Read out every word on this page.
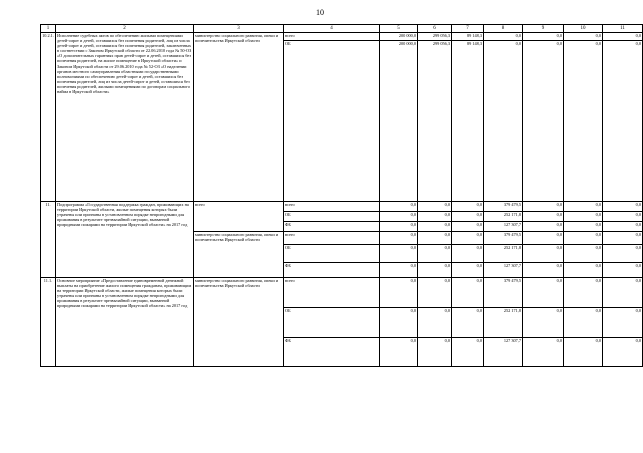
10
1	2	3	4	5	6	7	8	9	10	11
10.2.1.	Исполнение судебных актов по обеспечению жилыми помещениями детей-сирот и детей, оставшихся без попечения родителей, лиц из числа детей-сирот и детей, оставшихся без попечения родителей, заключенных в соответствии с Законом Иркутской области от 22.06.2010 года № 50-ОЗ «О дополнительных гарантиях прав детей-сирот и детей, оставшихся без попечения родителей, на жилое помещение в Иркутской области» и Законом Иркутской области от 29.06.2010 года № 52-ОЗ «О наделении органов местного самоуправления областными государственными полномочиями по обеспечению детей-сирот и детей, оставшихся без попечения родителей, лиц из числа детей-сирот и детей, оставшихся без попечения родителей, жилыми помещениями по договорам социального найма в Иркутской области»	министерство социального развития, опеки и попечительства Иркутской области	всего	200 000,0	299 056,3	89 148,3	0,0	0,0	0,0	0,0
			ОБ	200 000,0	299 056,3	89 148,3	0,0	0,0	0,0	0,0
11.	Подпрограмма «Государственная поддержка граждан, проживающих на территории Иркутской области, жилые помещения которых были утрачены или признаны в установленном порядке непригодными для проживания в результате чрезвычайной ситуации, вызванной природными пожарами на территории Иркутской области» на 2017 год	всего	всего	0,0	0,0	0,0	379 479,5	0,0	0,0	0,0
			ОБ	0,0	0,0	0,0	252 171,8	0,0	0,0	0,0
			ФБ	0,0	0,0	0,0	127 307,7	0,0	0,0	0,0
		министерство социального развития, опеки и попечительства Иркутской области	всего	0,0	0,0	0,0	379 479,5	0,0	0,0	0,0
			ОБ	0,0	0,0	0,0	252 171,8	0,0	0,0	0,0
			ФБ	0,0	0,0	0,0	127 307,7	0,0	0,0	0,0
11.1.	Основное мероприятие «Предоставление единовременной денежной выплаты на приобретение жилого помещения гражданам, проживающим на территории Иркутской области, жилые помещения которых были утрачены или признаны в установленном порядке непригодными для проживания в результате чрезвычайной ситуации, вызванной природными пожарами на территории Иркутской области» на 2017 год	министерство социального развития, опеки и попечительства Иркутской области	всего	0,0	0,0	0,0	379 479,5	0,0	0,0	0,0
			ОБ	0,0	0,0	0,0	252 171,8	0,0	0,0	0,0
			ФБ	0,0	0,0	0,0	127 307,7	0,0	0,0	0,0
